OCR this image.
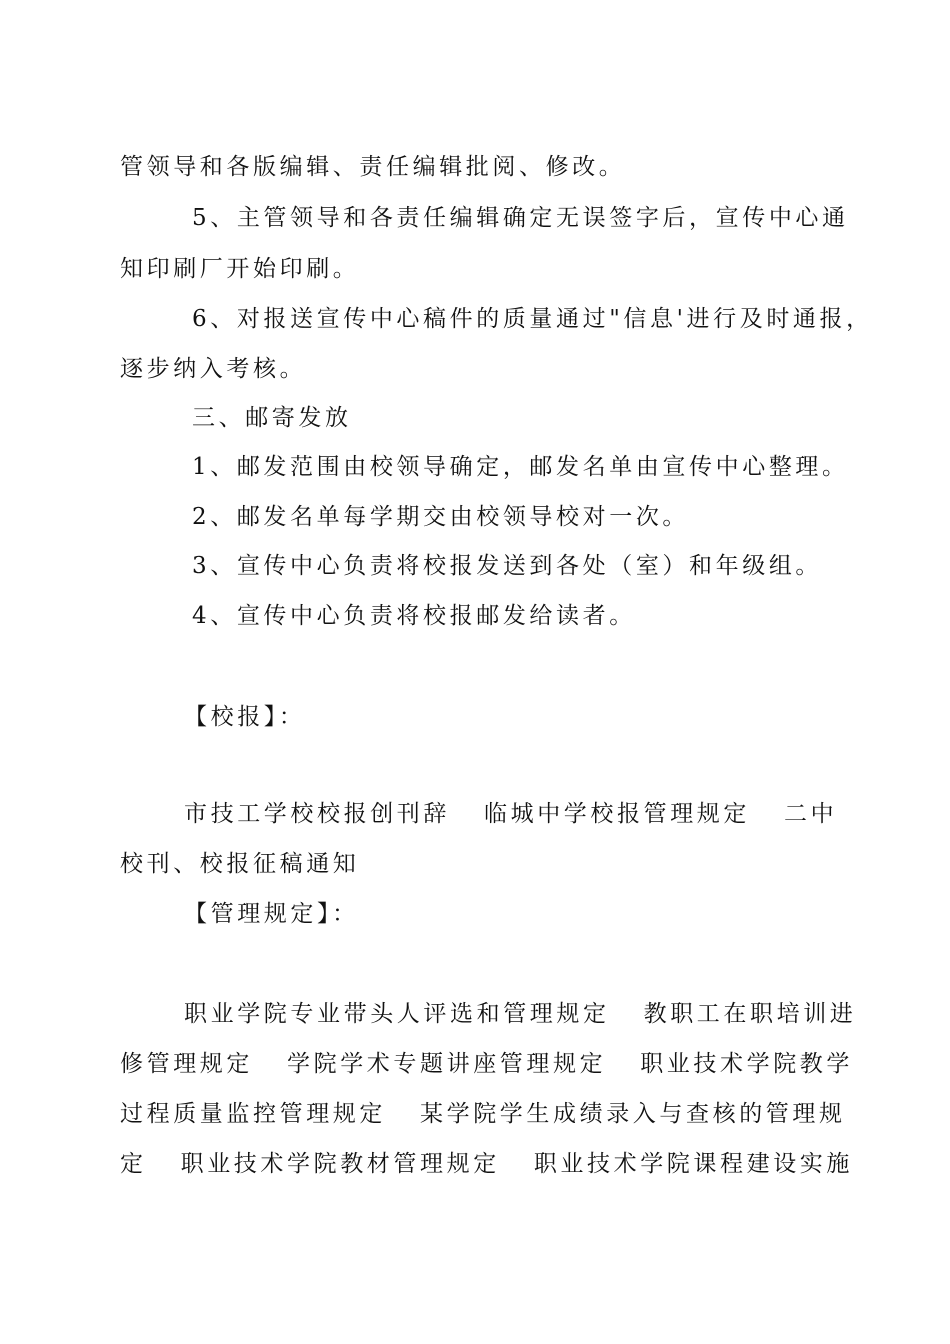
管领导和各版编辑、责任编辑批阅、修改。
5、主管领导和各责任编辑确定无误签字后，宣传中心通
知印刷厂开始印刷。
6、对报送宣传中心稿件的质量通过"信息'进行及时通报，
逐步纳入考核。
三、邮寄发放
1、邮发范围由校领导确定，邮发名单由宣传中心整理。
2、邮发名单每学期交由校领导校对一次。
3、宣传中心负责将校报发送到各处（室）和年级组。
4、宣传中心负责将校报邮发给读者。
【校报】：
市技工学校校报创刊辞 临城中学校报管理规定 二中
校刊、校报征稿通知
【管理规定】：
职业学院专业带头人评选和管理规定 教职工在职培训进
修管理规定 学院学术专题讲座管理规定 职业技术学院教学
过程质量监控管理规定 某学院学生成绩录入与查核的管理规
定 职业技术学院教材管理规定 职业技术学院课程建设实施
